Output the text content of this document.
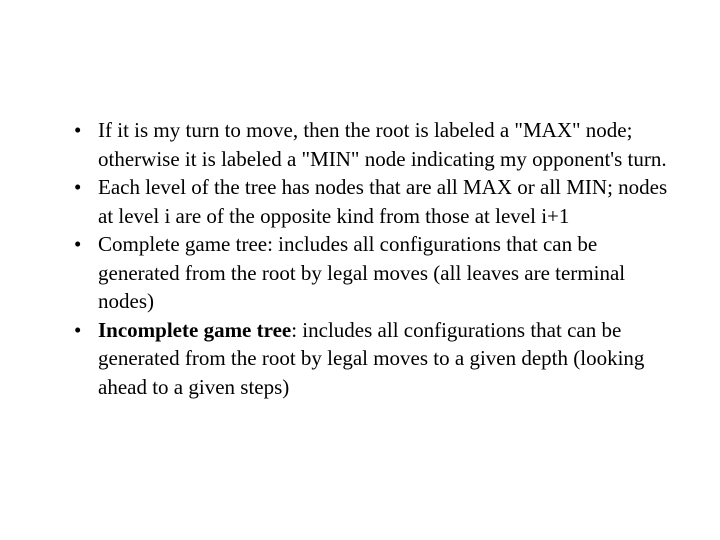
• If it is my turn to move, then the root is labeled a "MAX" node; otherwise it is labeled a "MIN" node indicating my opponent's turn.
• Each level of the tree has nodes that are all MAX or all MIN; nodes at level i are of the opposite kind from those at level i+1
• Complete game tree: includes all configurations that can be generated from the root by legal moves (all leaves are terminal nodes)
• Incomplete game tree: includes all configurations that can be generated from the root by legal moves to a given depth (looking ahead to a given steps)
